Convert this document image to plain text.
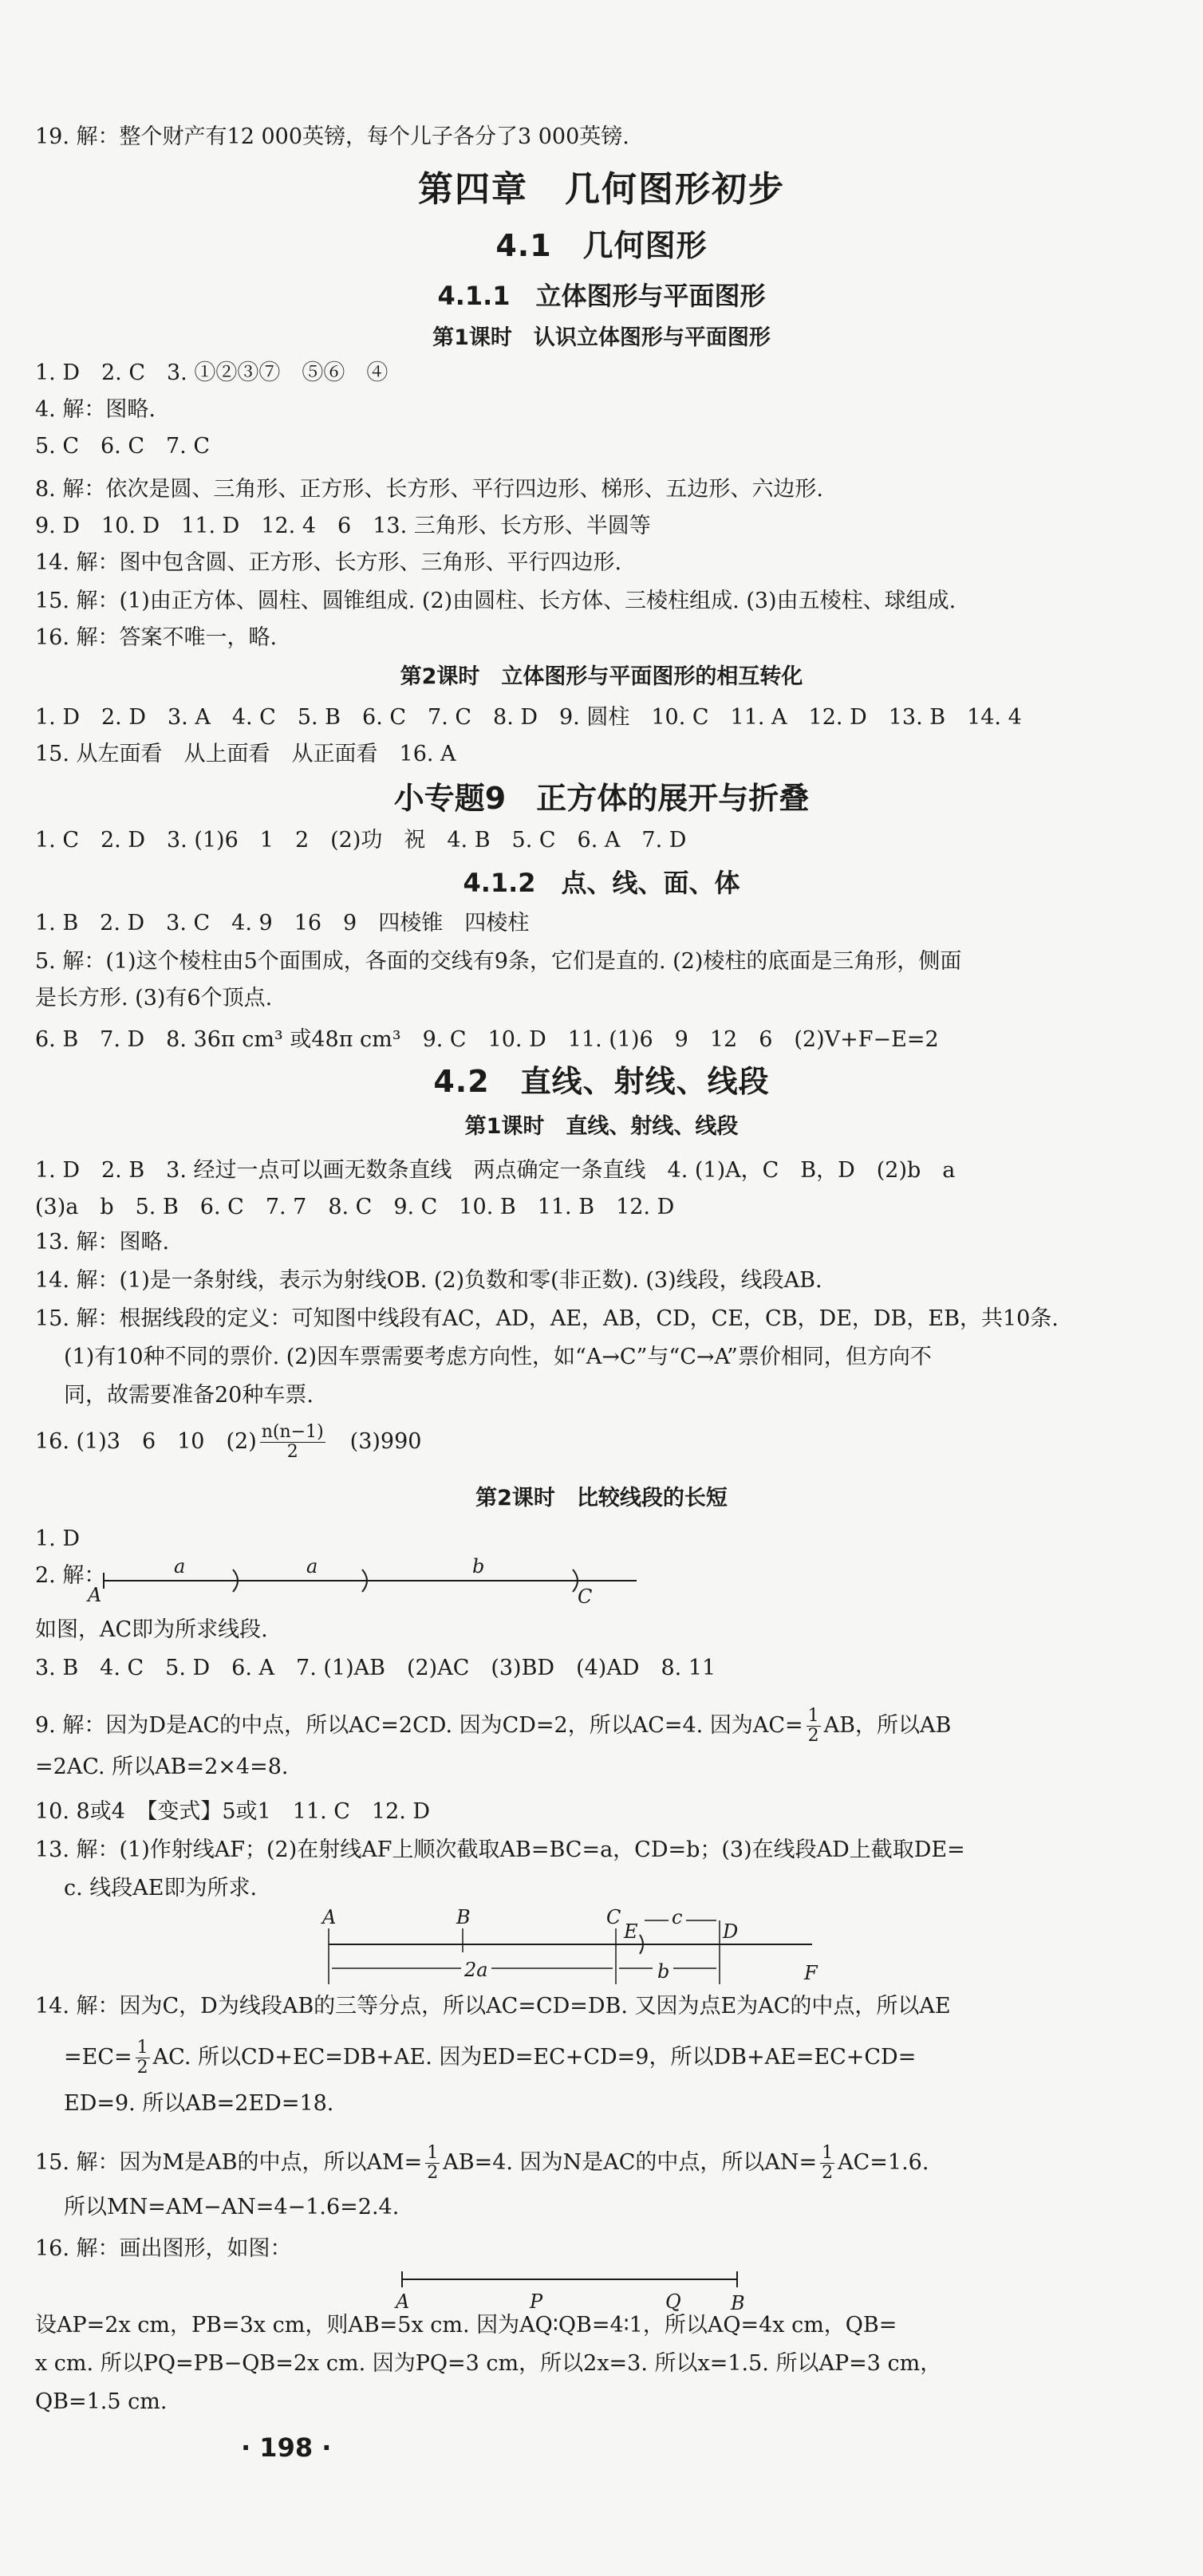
19. 解：整个财产有12 000英镑，每个儿子各分了3 000英镑.
第四章　几何图形初步
4.1　几何图形
4.1.1　立体图形与平面图形
第1课时　认识立体图形与平面图形
1. D　2. C　3. ①②③⑦　⑤⑥　④
4. 解：图略.
5. C　6. C　7. C
8. 解：依次是圆、三角形、正方形、长方形、平行四边形、梯形、五边形、六边形.
9. D　10. D　11. D　12. 4　6　13. 三角形、长方形、半圆等
14. 解：图中包含圆、正方形、长方形、三角形、平行四边形.
15. 解：(1)由正方体、圆柱、圆锥组成. (2)由圆柱、长方体、三棱柱组成. (3)由五棱柱、球组成.
16. 解：答案不唯一，略.
第2课时　立体图形与平面图形的相互转化
1. D　2. D　3. A　4. C　5. B　6. C　7. C　8. D　9. 圆柱　10. C　11. A　12. D　13. B　14. 4
15. 从左面看　从上面看　从正面看　16. A
小专题9　正方体的展开与折叠
1. C　2. D　3. (1)6　1　2　(2)功　祝　4. B　5. C　6. A　7. D
4.1.2　点、线、面、体
1. B　2. D　3. C　4. 9　16　9　四棱锥　四棱柱
5. 解：(1)这个棱柱由5个面围成，各面的交线有9条，它们是直的. (2)棱柱的底面是三角形，侧面
是长方形. (3)有6个顶点.
6. B　7. D　8. 36π cm³ 或48π cm³　9. C　10. D　11. (1)6　9　12　6　(2)V+F−E=2
4.2　直线、射线、线段
第1课时　直线、射线、线段
1. D　2. B　3. 经过一点可以画无数条直线　两点确定一条直线　4. (1)A，C　B，D　(2)b　a
(3)a　b　5. B　6. C　7. 7　8. C　9. C　10. B　11. B　12. D
13. 解：图略.
14. 解：(1)是一条射线，表示为射线OB. (2)负数和零(非正数). (3)线段，线段AB.
15. 解：根据线段的定义：可知图中线段有AC，AD，AE，AB，CD，CE，CB，DE，DB，EB，共10条.
(1)有10种不同的票价. (2)因车票需要考虑方向性，如“A→C”与“C→A”票价相同，但方向不
同，故需要准备20种车票.
16. (1)3　6　10　$(2) \frac{n(n-1)}{2}$
　 (3)990
第2课时　比较线段的长短
1. D
2. 解：
A
a	a	b
C
如图，AC即为所求线段.
3. B　4. C　5. D　6. A　7. (1)AB　(2)AC　(3)BD　(4)AD　8. 11
9. 解：因为D是AC的中点，所以AC=2CD. 因为CD=2，所以AC=4. 因为$AC= \frac{1}{2}$ AB，所以AB
=2AC. 所以AB=2×4=8.
10. 8或4　【变式】5或1　11. C　12. D
13. 解：(1)作射线AF；(2)在射线AF上顺次截取AB=BC=a，CD=b；(3)在线段AD上截取DE=
c. 线段AE即为所求.
A	B	C
E
c
D
2a	b	F
14. 解：因为C，D为线段AB的三等分点，所以AC=CD=DB. 又因为点E为AC的中点，所以AE
$=EC= \frac{1}{2}$ AC. 所以CD+EC=DB+AE. 因为ED=EC+CD=9，所以DB+AE=EC+CD=
ED=9. 所以AB=2ED=18.
15. 解：因为M是AB的中点，所以$AM= \frac{1}{2} AB=4$. 因为N是AC的中点，所以$AN= \frac{1}{2} AC=1.6$.
所以MN=AM−AN=4−1.6=2.4.
16. 解：画出图形，如图：
A	P	Q	B
设AP=2x cm，PB=3x cm，则AB=5x cm. 因为AQ∶QB=4∶1，所以AQ=4x cm，QB=
x cm. 所以PQ=PB−QB=2x cm. 因为PQ=3 cm，所以2x=3. 所以x=1.5. 所以AP=3 cm，
QB=1.5 cm.
· 198 ·
